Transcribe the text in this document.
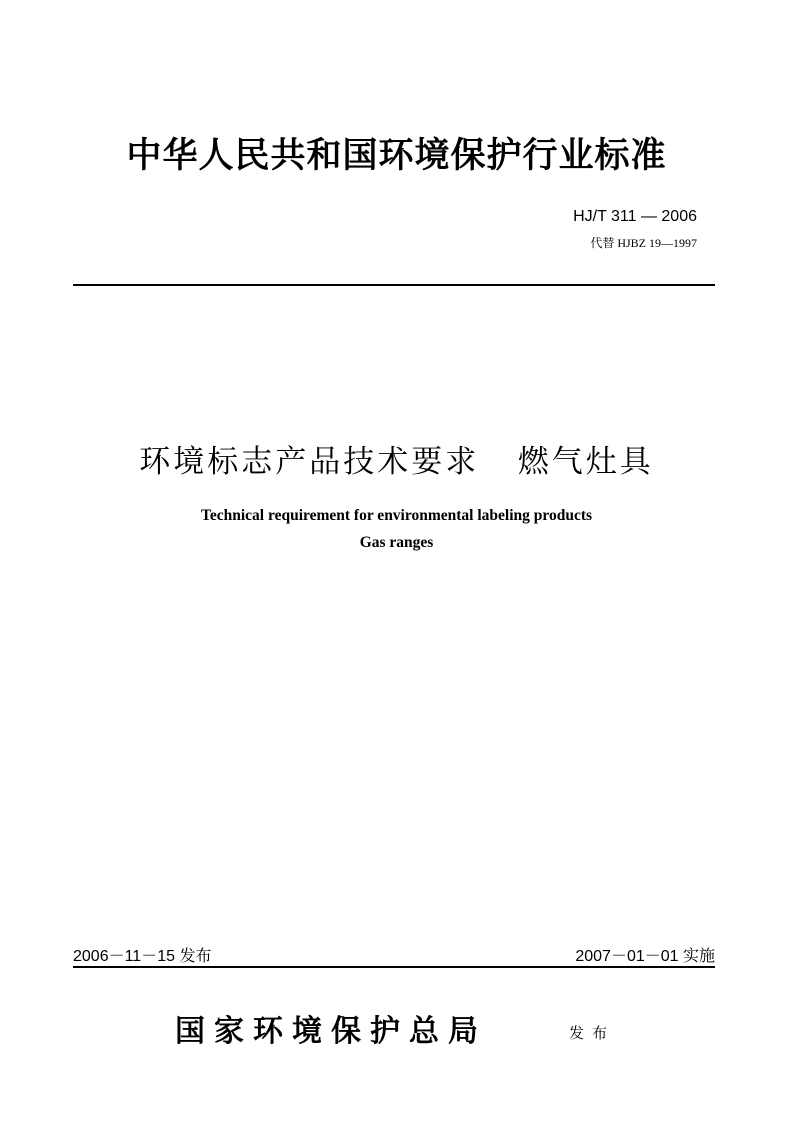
中华人民共和国环境保护行业标准
HJ/T 311 — 2006
代替 HJBZ 19—1997
环境标志产品技术要求   燃气灶具
Technical requirement for environmental labeling products
Gas ranges
2006－11－15 发布	2007－01－01 实施
国家环境保护总局	发布
